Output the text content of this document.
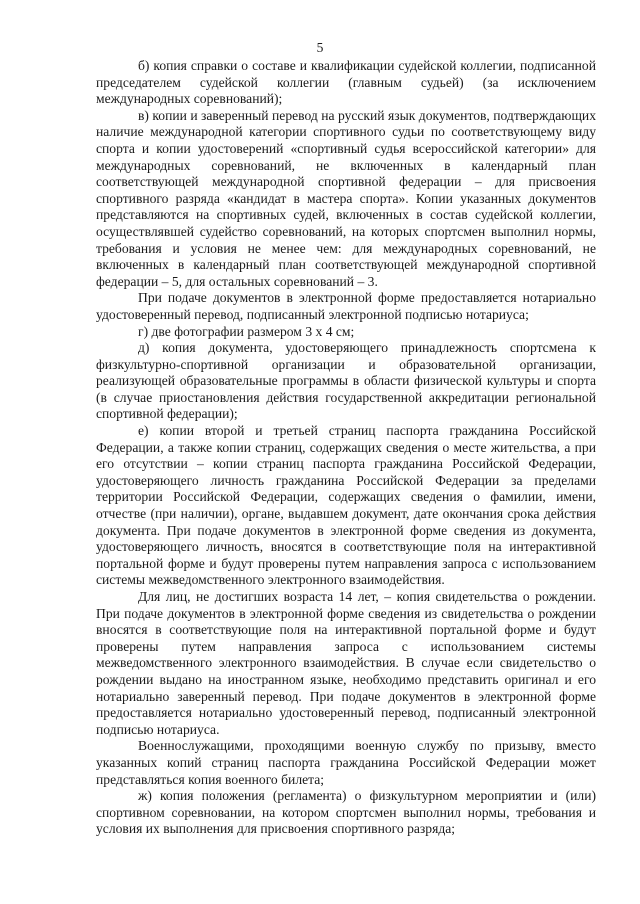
5

б) копия справки о составе и квалификации судейской коллегии, подписанной председателем судейской коллегии (главным судьей) (за исключением международных соревнований);

в) копии и заверенный перевод на русский язык документов, подтверждающих наличие международной категории спортивного судьи по соответствующему виду спорта и копии удостоверений «спортивный судья всероссийской категории» для международных соревнований, не включенных в календарный план соответствующей международной спортивной федерации – для присвоения спортивного разряда «кандидат в мастера спорта». Копии указанных документов представляются на спортивных судей, включенных в состав судейской коллегии, осуществлявшей судейство соревнований, на которых спортсмен выполнил нормы, требования и условия не менее чем: для международных соревнований, не включенных в календарный план соответствующей международной спортивной федерации – 5, для остальных соревнований – 3.

При подаче документов в электронной форме предоставляется нотариально удостоверенный перевод, подписанный электронной подписью нотариуса;

г) две фотографии размером 3 х 4 см;

д) копия документа, удостоверяющего принадлежность спортсмена к физкультурно-спортивной организации и образовательной организации, реализующей образовательные программы в области физической культуры и спорта (в случае приостановления действия государственной аккредитации региональной спортивной федерации);

е) копии второй и третьей страниц паспорта гражданина Российской Федерации, а также копии страниц, содержащих сведения о месте жительства, а при его отсутствии – копии страниц паспорта гражданина Российской Федерации, удостоверяющего личность гражданина Российской Федерации за пределами территории Российской Федерации, содержащих сведения о фамилии, имени, отчестве (при наличии), органе, выдавшем документ, дате окончания срока действия документа. При подаче документов в электронной форме сведения из документа, удостоверяющего личность, вносятся в соответствующие поля на интерактивной портальной форме и будут проверены путем направления запроса с использованием системы межведомственного электронного взаимодействия.

Для лиц, не достигших возраста 14 лет, – копия свидетельства о рождении. При подаче документов в электронной форме сведения из свидетельства о рождении вносятся в соответствующие поля на интерактивной портальной форме и будут проверены путем направления запроса с использованием системы межведомственного электронного взаимодействия. В случае если свидетельство о рождении выдано на иностранном языке, необходимо представить оригинал и его нотариально заверенный перевод. При подаче документов в электронной форме предоставляется нотариально удостоверенный перевод, подписанный электронной подписью нотариуса.

Военнослужащими, проходящими военную службу по призыву, вместо указанных копий страниц паспорта гражданина Российской Федерации может представляться копия военного билета;

ж) копия положения (регламента) о физкультурном мероприятии и (или) спортивном соревновании, на котором спортсмен выполнил нормы, требования и условия их выполнения для присвоения спортивного разряда;
